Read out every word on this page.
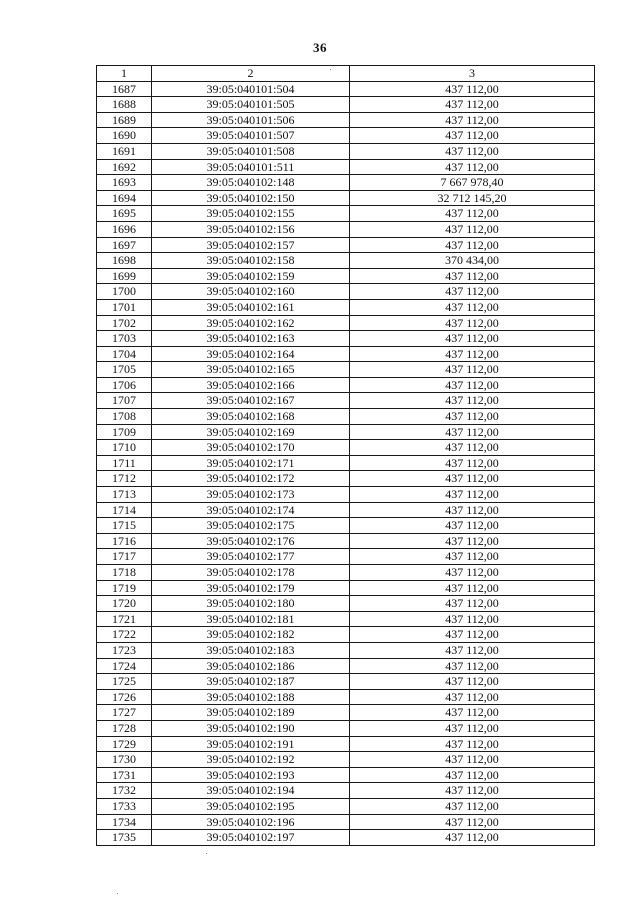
36
1	2	3
1687	39:05:040101:504	437 112,00
1688	39:05:040101:505	437 112,00
1689	39:05:040101:506	437 112,00
1690	39:05:040101:507	437 112,00
1691	39:05:040101:508	437 112,00
1692	39:05:040101:511	437 112,00
1693	39:05:040102:148	7 667 978,40
1694	39:05:040102:150	32 712 145,20
1695	39:05:040102:155	437 112,00
1696	39:05:040102:156	437 112,00
1697	39:05:040102:157	437 112,00
1698	39:05:040102:158	370 434,00
1699	39:05:040102:159	437 112,00
1700	39:05:040102:160	437 112,00
1701	39:05:040102:161	437 112,00
1702	39:05:040102:162	437 112,00
1703	39:05:040102:163	437 112,00
1704	39:05:040102:164	437 112,00
1705	39:05:040102:165	437 112,00
1706	39:05:040102:166	437 112,00
1707	39:05:040102:167	437 112,00
1708	39:05:040102:168	437 112,00
1709	39:05:040102:169	437 112,00
1710	39:05:040102:170	437 112,00
1711	39:05:040102:171	437 112,00
1712	39:05:040102:172	437 112,00
1713	39:05:040102:173	437 112,00
1714	39:05:040102:174	437 112,00
1715	39:05:040102:175	437 112,00
1716	39:05:040102:176	437 112,00
1717	39:05:040102:177	437 112,00
1718	39:05:040102:178	437 112,00
1719	39:05:040102:179	437 112,00
1720	39:05:040102:180	437 112,00
1721	39:05:040102:181	437 112,00
1722	39:05:040102:182	437 112,00
1723	39:05:040102:183	437 112,00
1724	39:05:040102:186	437 112,00
1725	39:05:040102:187	437 112,00
1726	39:05:040102:188	437 112,00
1727	39:05:040102:189	437 112,00
1728	39:05:040102:190	437 112,00
1729	39:05:040102:191	437 112,00
1730	39:05:040102:192	437 112,00
1731	39:05:040102:193	437 112,00
1732	39:05:040102:194	437 112,00
1733	39:05:040102:195	437 112,00
1734	39:05:040102:196	437 112,00
1735	39:05:040102:197	437 112,00
